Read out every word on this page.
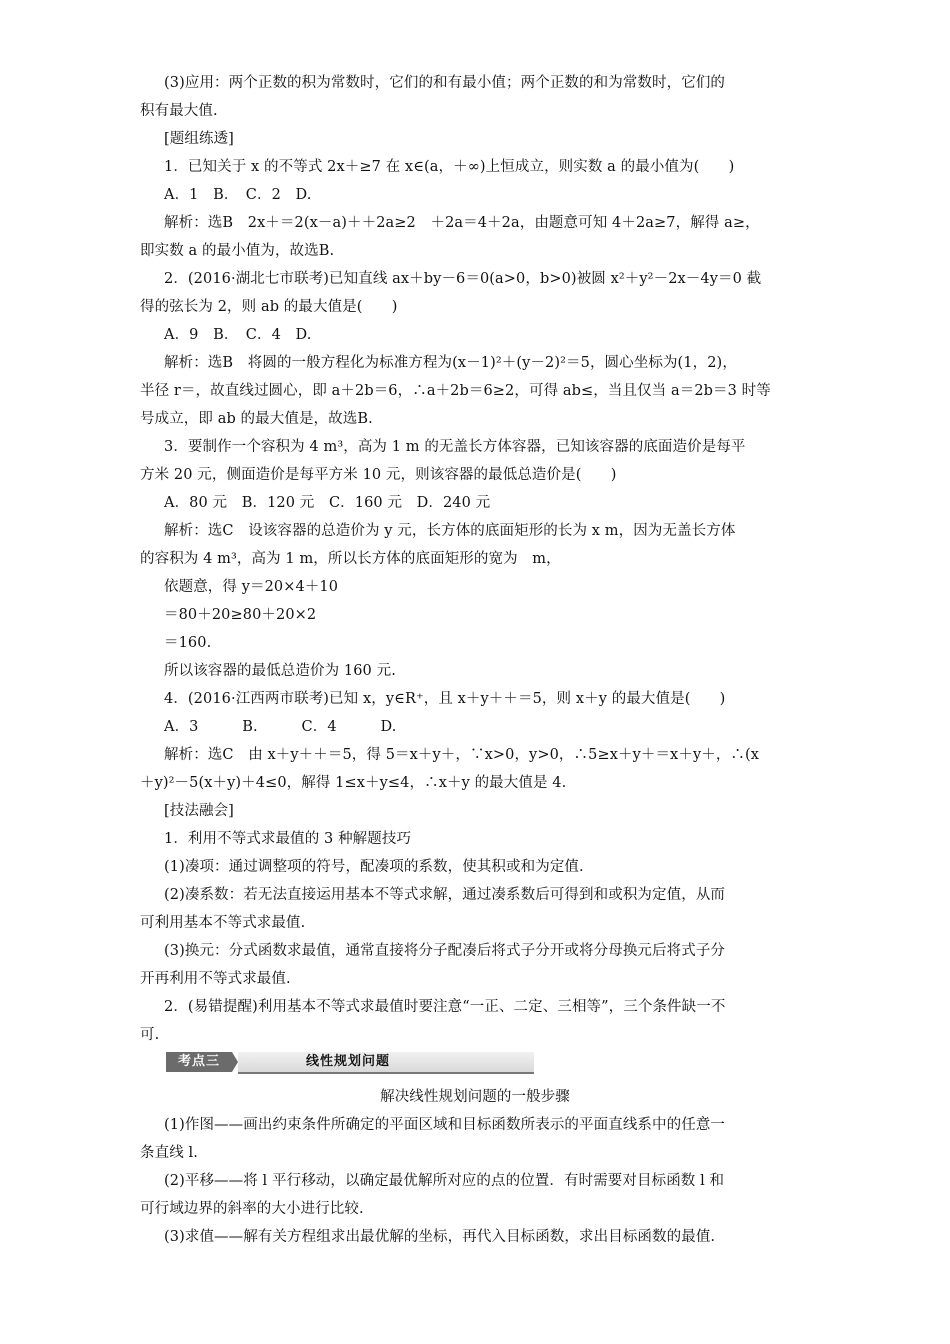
(3)应用：两个正数的积为常数时，它们的和有最小值；两个正数的和为常数时，它们的
积有最大值.
[题组练透]
1．已知关于 x 的不等式 2x＋≥7 在 x∈(a，＋∞)上恒成立，则实数 a 的最小值为(　　)
A．1　B．　C．2　D.
解析：选B　2x＋＝2(x－a)＋＋2a≥2　＋2a＝4＋2a，由题意可知 4＋2a≥7，解得 a≥，
即实数 a 的最小值为，故选B.
2．(2016·湖北七市联考)已知直线 ax＋by－6＝0(a>0，b>0)被圆 x²＋y²－2x－4y＝0 截
得的弦长为 2，则 ab 的最大值是(　　)
A．9　B．　C．4　D.
解析：选B　将圆的一般方程化为标准方程为(x－1)²＋(y－2)²＝5，圆心坐标为(1，2)，
半径 r＝，故直线过圆心，即 a＋2b＝6，∴a＋2b＝6≥2，可得 ab≤，当且仅当 a＝2b＝3 时等
号成立，即 ab 的最大值是，故选B.
3．要制作一个容积为 4 m³，高为 1 m 的无盖长方体容器，已知该容器的底面造价是每平
方米 20 元，侧面造价是每平方米 10 元，则该容器的最低总造价是(　　)
A．80 元　B．120 元　C．160 元　D．240 元
解析：选C　设该容器的总造价为 y 元，长方体的底面矩形的长为 x m，因为无盖长方体
的容积为 4 m³，高为 1 m，所以长方体的底面矩形的宽为　m，
依题意，得 y＝20×4＋10
＝80＋20≥80＋20×2
＝160.
所以该容器的最低总造价为 160 元.
4．(2016·江西两市联考)已知 x，y∈R⁺，且 x＋y＋＋＝5，则 x＋y 的最大值是(　　)
A．3　　　B.　　　C．4　　　D.
解析：选C　由 x＋y＋＋＝5，得 5＝x＋y＋，∵x>0，y>0，∴5≥x＋y＋＝x＋y＋，∴(x
＋y)²－5(x＋y)＋4≤0，解得 1≤x＋y≤4，∴x＋y 的最大值是 4.
[技法融会]
1．利用不等式求最值的 3 种解题技巧
(1)凑项：通过调整项的符号，配凑项的系数，使其积或和为定值.
(2)凑系数：若无法直接运用基本不等式求解，通过凑系数后可得到和或积为定值，从而
可利用基本不等式求最值.
(3)换元：分式函数求最值，通常直接将分子配凑后将式子分开或将分母换元后将式子分
开再利用不等式求最值.
2．(易错提醒)利用基本不等式求最值时要注意“一正、二定、三相等”，三个条件缺一不
可.
考点三	线性规划问题
解决线性规划问题的一般步骤
(1)作图——画出约束条件所确定的平面区域和目标函数所表示的平面直线系中的任意一
条直线 l.
(2)平移——将 l 平行移动，以确定最优解所对应的点的位置．有时需要对目标函数 l 和
可行域边界的斜率的大小进行比较.
(3)求值——解有关方程组求出最优解的坐标，再代入目标函数，求出目标函数的最值.
